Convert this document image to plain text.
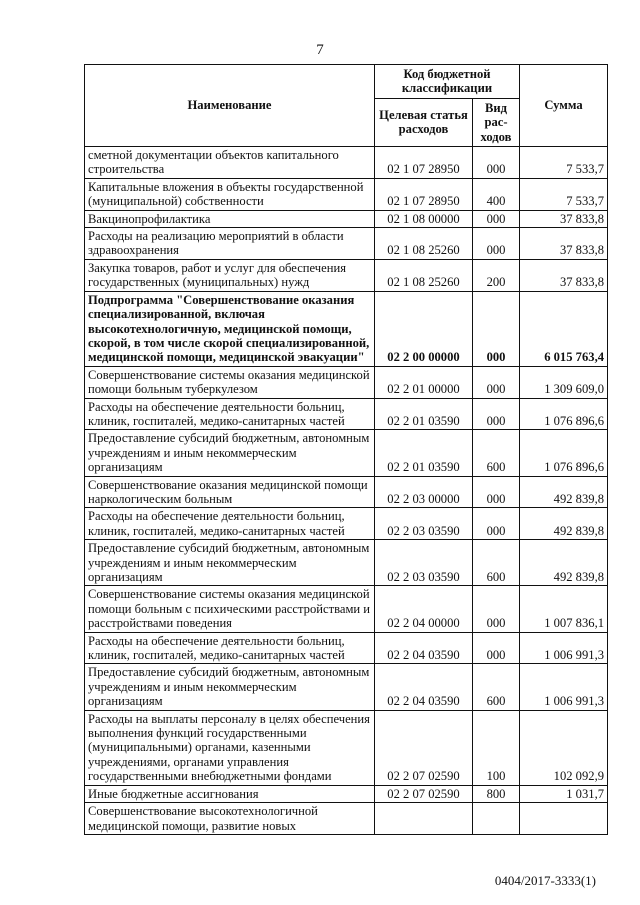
7
Наименование	Код бюджетной классификации		Сумма
	Целевая статья расходов	Вид рас-ходов	
сметной документации объектов капитального строительства	02 1 07 28950	000	7 533,7
Капитальные вложения в объекты государственной (муниципальной) собственности	02 1 07 28950	400	7 533,7
Вакцинопрофилактика	02 1 08 00000	000	37 833,8
Расходы на реализацию мероприятий в области здравоохранения	02 1 08 25260	000	37 833,8
Закупка товаров, работ и услуг для обеспечения государственных (муниципальных) нужд	02 1 08 25260	200	37 833,8
Подпрограмма "Совершенствование оказания специализированной, включая высокотехнологичную, медицинской помощи, скорой, в том числе скорой специализированной, медицинской помощи, медицинской эвакуации"	02 2 00 00000	000	6 015 763,4
Совершенствование системы оказания медицинской помощи больным туберкулезом	02 2 01 00000	000	1 309 609,0
Расходы на обеспечение деятельности больниц, клиник, госпиталей, медико-санитарных частей	02 2 01 03590	000	1 076 896,6
Предоставление субсидий бюджетным, автономным учреждениям и иным некоммерческим организациям	02 2 01 03590	600	1 076 896,6
Совершенствование оказания медицинской помощи наркологическим больным	02 2 03 00000	000	492 839,8
Расходы на обеспечение деятельности больниц, клиник, госпиталей, медико-санитарных частей	02 2 03 03590	000	492 839,8
Предоставление субсидий бюджетным, автономным учреждениям и иным некоммерческим организациям	02 2 03 03590	600	492 839,8
Совершенствование системы оказания медицинской помощи больным с психическими расстройствами и расстройствами поведения	02 2 04 00000	000	1 007 836,1
Расходы на обеспечение деятельности больниц, клиник, госпиталей, медико-санитарных частей	02 2 04 03590	000	1 006 991,3
Предоставление субсидий бюджетным, автономным учреждениям и иным некоммерческим организациям	02 2 04 03590	600	1 006 991,3
Расходы на выплаты персоналу в целях обеспечения выполнения функций государственными (муниципальными) органами, казенными учреждениями, органами управления государственными внебюджетными фондами	02 2 07 02590	100	102 092,9
Иные бюджетные ассигнования	02 2 07 02590	800	1 031,7
Совершенствование высокотехнологичной медицинской помощи, развитие новых			
0404/2017-3333(1)
